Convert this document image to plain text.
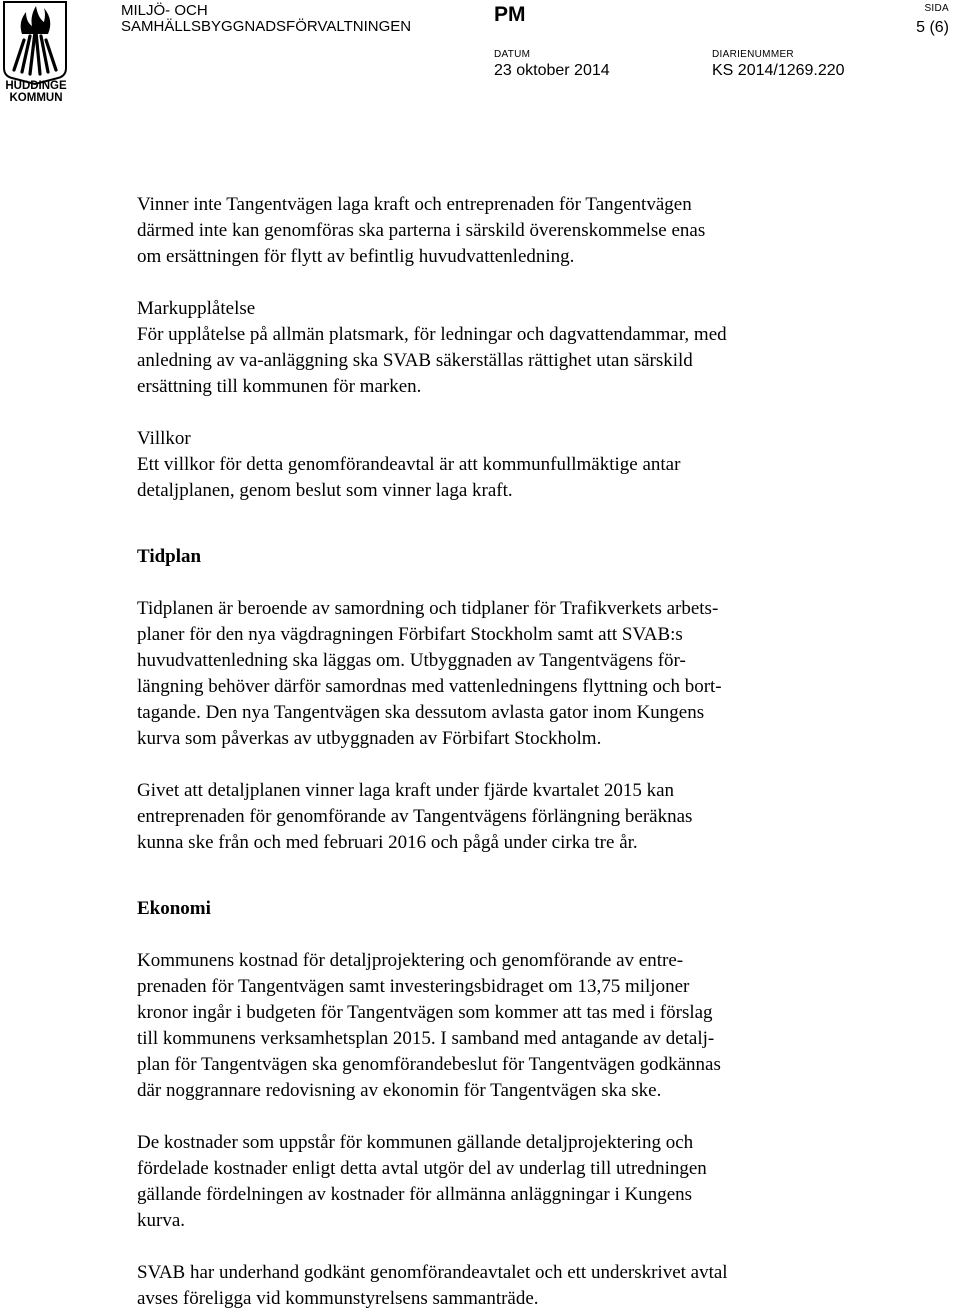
HUDDINGE
KOMMUN
MILJÖ- OCH
SAMHÄLLSBYGGNADSFÖRVALTNINGEN
PM	SIDA
5 (6)
DATUM
23 oktober 2014
DIARIENUMMER
KS 2014/1269.220

Vinner inte Tangentvägen laga kraft och entreprenaden för Tangentvägen
därmed inte kan genomföras ska parterna i särskild överenskommelse enas
om ersättningen för flytt av befintlig huvudvattenledning.

Markupplåtelse

För upplåtelse på allmän platsmark, för ledningar och dagvattendammar, med
anledning av va-anläggning ska SVAB säkerställas rättighet utan särskild
ersättning till kommunen för marken.

Villkor

Ett villkor för detta genomförandeavtal är att kommunfullmäktige antar
detaljplanen, genom beslut som vinner laga kraft.

Tidplan

Tidplanen är beroende av samordning och tidplaner för Trafikverkets arbets-
planer för den nya vägdragningen Förbifart Stockholm samt att SVAB:s
huvudvattenledning ska läggas om. Utbyggnaden av Tangentvägens för-
längning behöver därför samordnas med vattenledningens flyttning och bort-
tagande. Den nya Tangentvägen ska dessutom avlasta gator inom Kungens
kurva som påverkas av utbyggnaden av Förbifart Stockholm.

Givet att detaljplanen vinner laga kraft under fjärde kvartalet 2015 kan
entreprenaden för genomförande av Tangentvägens förlängning beräknas
kunna ske från och med februari 2016 och pågå under cirka tre år.

Ekonomi

Kommunens kostnad för detaljprojektering och genomförande av entre-
prenaden för Tangentvägen samt investeringsbidraget om 13,75 miljoner
kronor ingår i budgeten för Tangentvägen som kommer att tas med i förslag
till kommunens verksamhetsplan 2015. I samband med antagande av detalj-
plan för Tangentvägen ska genomförandebeslut för Tangentvägen godkännas
där noggrannare redovisning av ekonomin för Tangentvägen ska ske.

De kostnader som uppstår för kommunen gällande detaljprojektering och
fördelade kostnader enligt detta avtal utgör del av underlag till utredningen
gällande fördelningen av kostnader för allmänna anläggningar i Kungens
kurva.

SVAB har underhand godkänt genomförandeavtalet och ett underskrivet avtal
avses föreligga vid kommunstyrelsens sammanträde.
